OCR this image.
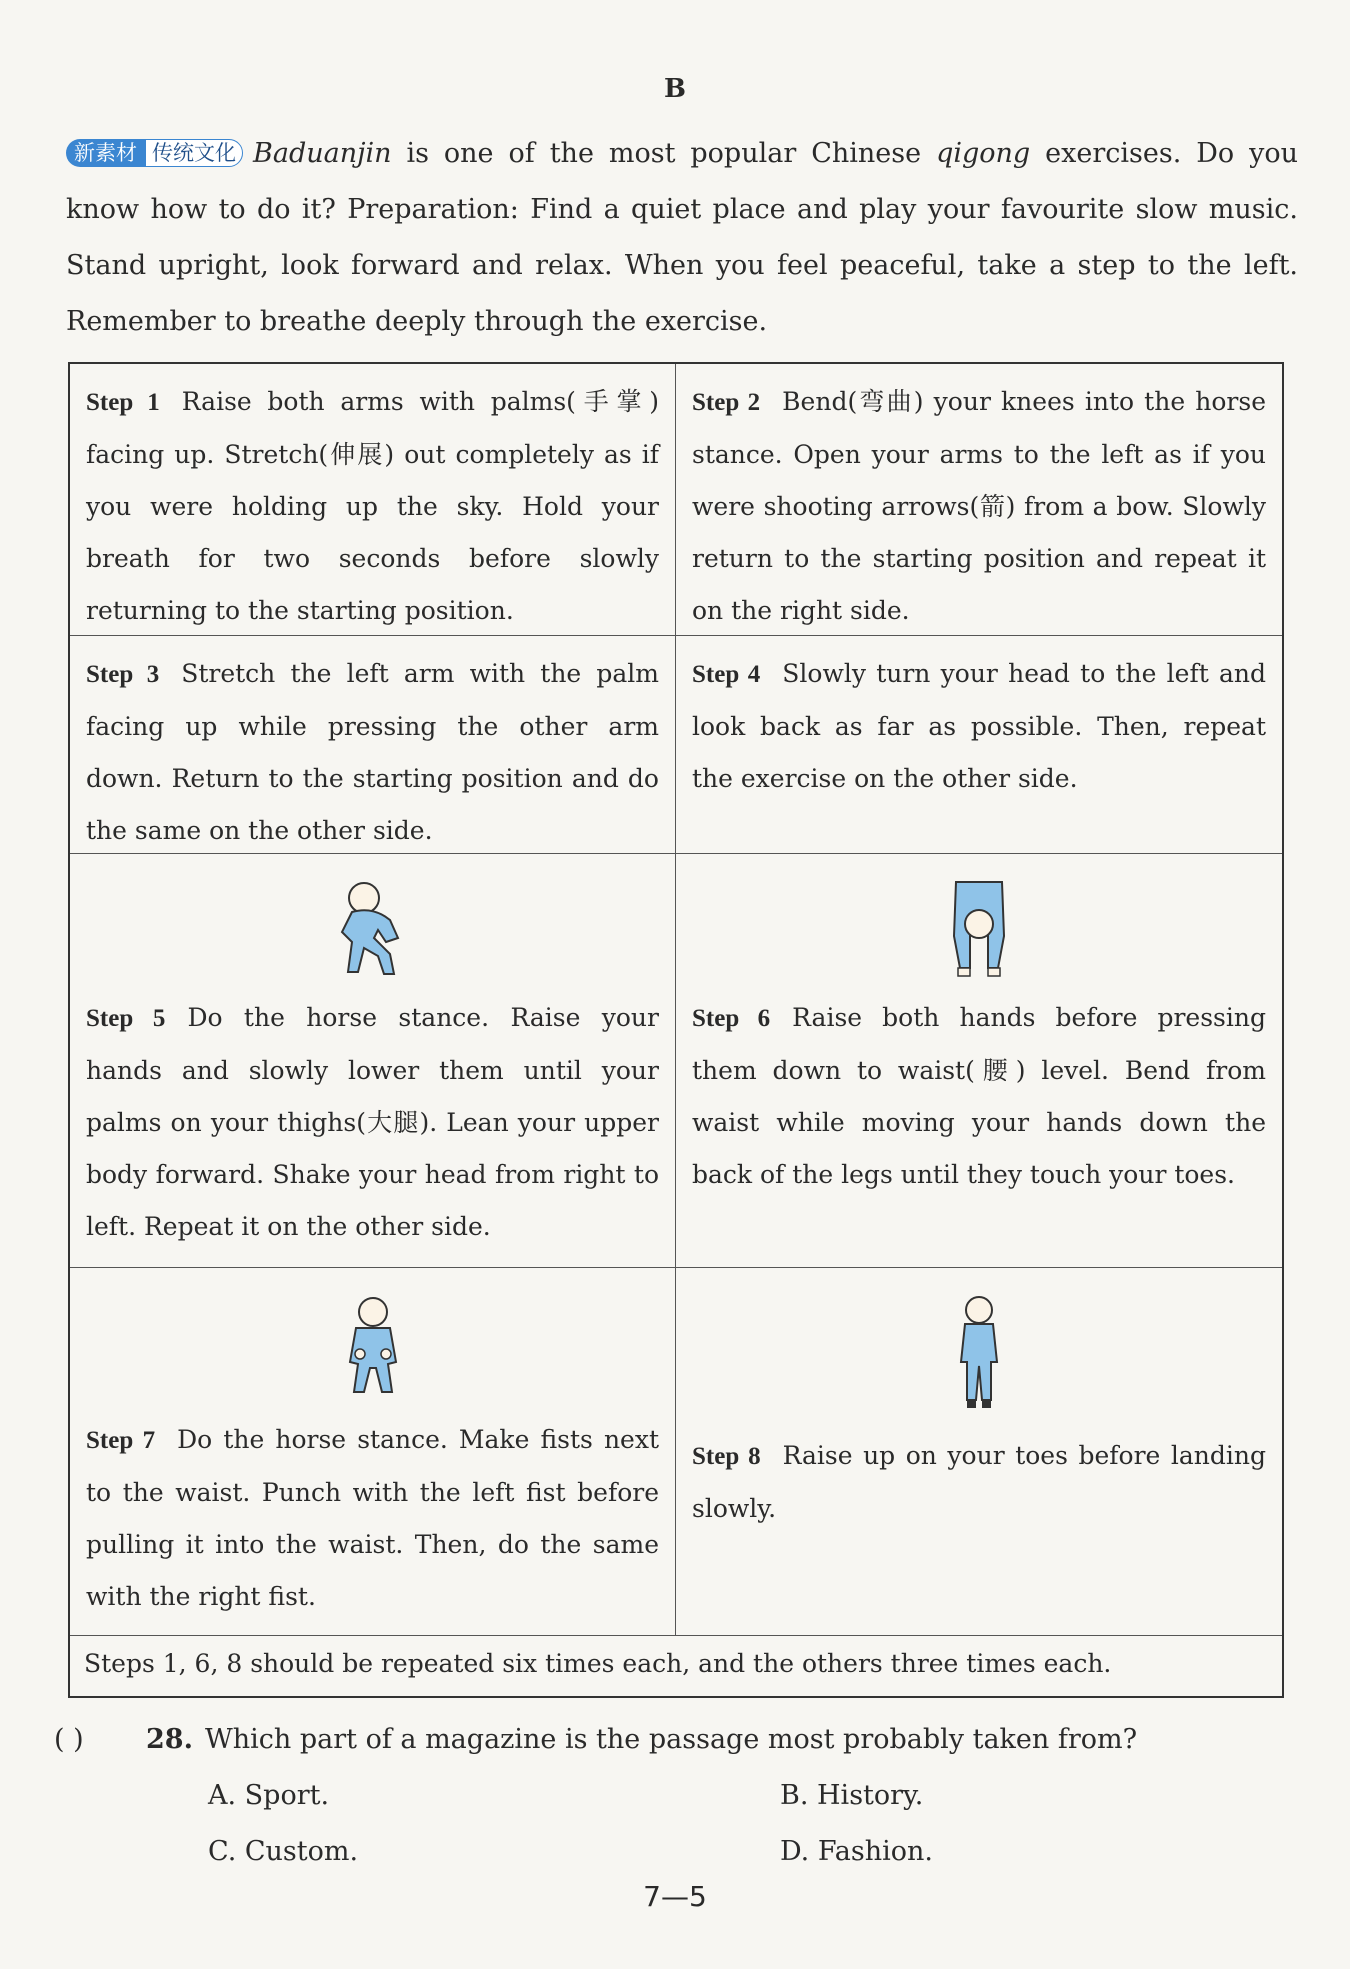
B
新素材 传统文化 Baduanjin is one of the most popular Chinese qigong exercises. Do you know how to do it? Preparation: Find a quiet place and play your favourite slow music. Stand upright, look forward and relax. When you feel peaceful, take a step to the left. Remember to breathe deeply through the exercise.
Step 1 Raise both arms with palms(手掌) facing up. Stretch(伸展) out completely as if you were holding up the sky. Hold your breath for two seconds before slowly returning to the starting position.
Step 2 Bend(弯曲) your knees into the horse stance. Open your arms to the left as if you were shooting arrows(箭) from a bow. Slowly return to the starting position and repeat it on the right side.
Step 3 Stretch the left arm with the palm facing up while pressing the other arm down. Return to the starting position and do the same on the other side.
Step 4 Slowly turn your head to the left and look back as far as possible. Then, repeat the exercise on the other side.
Step 5 Do the horse stance. Raise your hands and slowly lower them until your palms on your thighs(大腿). Lean your upper body forward. Shake your head from right to left. Repeat it on the other side.
Step 6 Raise both hands before pressing them down to waist(腰) level. Bend from waist while moving your hands down the back of the legs until they touch your toes.
Step 7 Do the horse stance. Make fists next to the waist. Punch with the left fist before pulling it into the waist. Then, do the same with the right fist.
Step 8 Raise up on your toes before landing slowly.
Steps 1, 6, 8 should be repeated six times each, and the others three times each.
( ) 28. Which part of a magazine is the passage most probably taken from?
A. Sport.	B. History.
C. Custom.	D. Fashion.
7—5
